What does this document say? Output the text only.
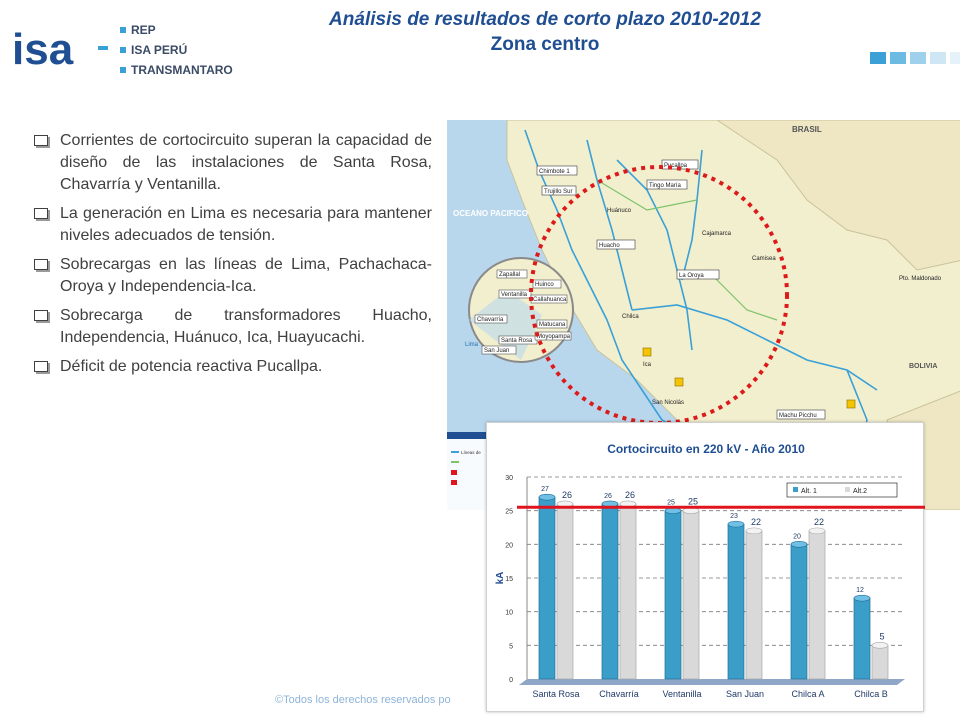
isa	REP
ISA PERÚ
TRANSMANTARO
Análisis de resultados de corto plazo 2010-2012
Zona centro
Corrientes de cortocircuito superan la capacidad de diseño de las instalaciones de Santa Rosa, Chavarría y Ventanilla.
La generación en Lima es necesaria para mantener niveles adecuados de tensión.
Sobrecargas en las líneas de Lima, Pachachaca-Oroya y Independencia-Ica.
Sobrecarga de transformadores Huacho, Independencia, Huánuco, Ica, Huayucachi.
Déficit de potencia reactiva Pucallpa.
BRASIL
BOLIVIA
OCEANO PACIFICO
Chimbote 1
Trujillo Sur
Huacho
Tingo María
Pucallpa
La Oroya
Machu Picchu
Camisea
Pto. Maldonado
Ica
San Nicolás
Huánuco
Chilca
Cajamarca
Zapallal
Ventanilla
Chavarría
Huinco
Callahuanca
Santa Rosa
San Juan
Matucana
Moyopampa
Lima
Líneas de	Cortocircuito en 220 kV - Año 2010
0
5
10
15
20
25
30
kA
27
26
Santa Rosa
26 26
Chavarría
25 25
Ventanilla
23
22
San Juan
20
22
Chilca A
12
5
Chilca B
Alt. 1	Alt.2
©Todos los derechos reservados po
